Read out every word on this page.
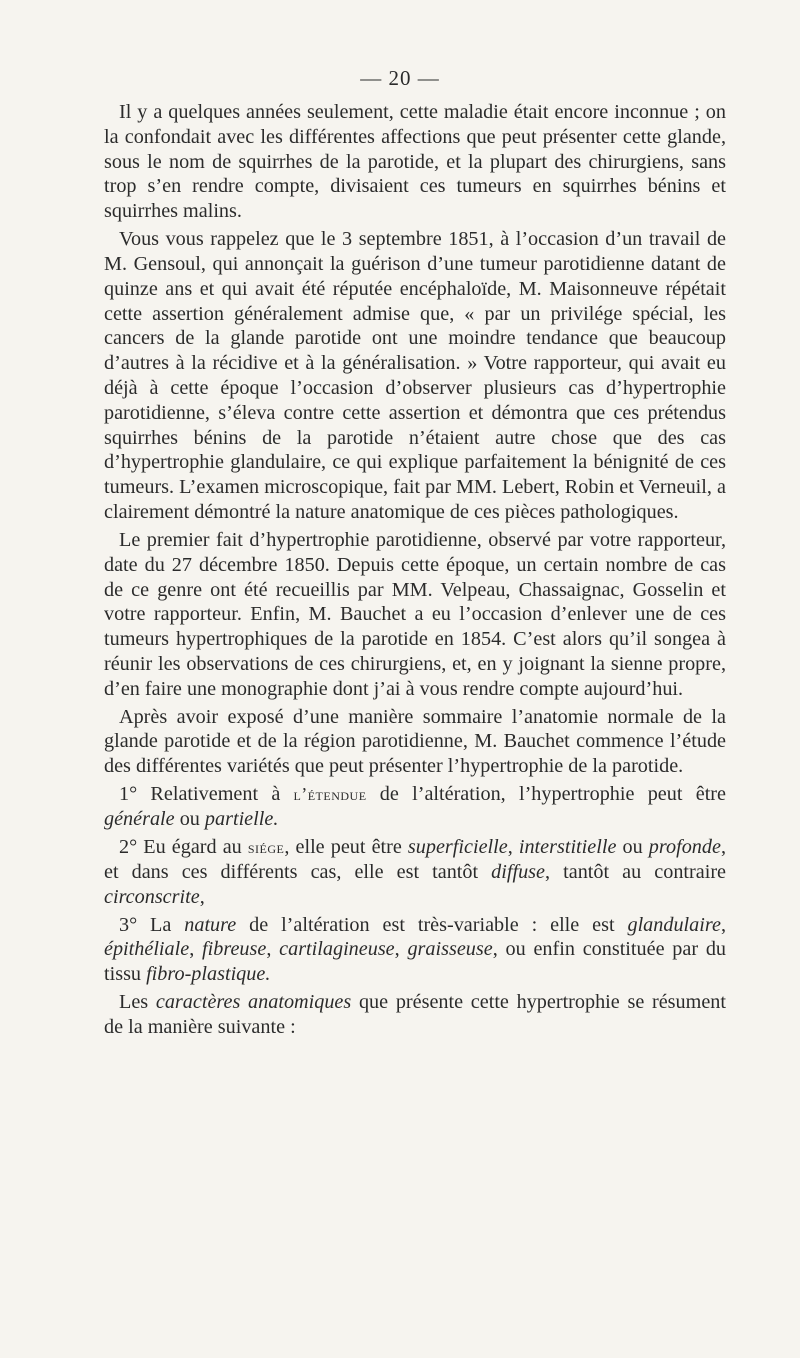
— 20 —

Il y a quelques années seulement, cette maladie était encore inconnue ; on la confondait avec les différentes affections que peut présenter cette glande, sous le nom de squirrhes de la parotide, et la plupart des chirurgiens, sans trop s’en rendre compte, divisaient ces tumeurs en squirrhes bénins et squirrhes malins.

Vous vous rappelez que le 3 septembre 1851, à l’occasion d’un travail de M. Gensoul, qui annonçait la guérison d’une tumeur parotidienne datant de quinze ans et qui avait été réputée encéphaloïde, M. Maisonneuve répétait cette assertion généralement admise que, « par un privilége spécial, les cancers de la glande parotide ont une moindre tendance que beaucoup d’autres à la récidive et à la généralisation. » Votre rapporteur, qui avait eu déjà à cette époque l’occasion d’observer plusieurs cas d’hypertrophie parotidienne, s’éleva contre cette assertion et démontra que ces prétendus squirrhes bénins de la parotide n’étaient autre chose que des cas d’hypertrophie glandulaire, ce qui explique parfaitement la bénignité de ces tumeurs. L’examen microscopique, fait par MM. Lebert, Robin et Verneuil, a clairement démontré la nature anatomique de ces pièces pathologiques.

Le premier fait d’hypertrophie parotidienne, observé par votre rapporteur, date du 27 décembre 1850. Depuis cette époque, un certain nombre de cas de ce genre ont été recueillis par MM. Velpeau, Chassaignac, Gosselin et votre rapporteur. Enfin, M. Bauchet a eu l’occasion d’enlever une de ces tumeurs hypertrophiques de la parotide en 1854. C’est alors qu’il songea à réunir les observations de ces chirurgiens, et, en y joignant la sienne propre, d’en faire une monographie dont j’ai à vous rendre compte aujourd’hui.

Après avoir exposé d’une manière sommaire l’anatomie normale de la glande parotide et de la région parotidienne, M. Bauchet commence l’étude des différentes variétés que peut présenter l’hypertrophie de la parotide.

1° Relativement à l’étendue de l’altération, l’hypertrophie peut être générale ou partielle.

2° Eu égard au siége, elle peut être superficielle, interstitielle ou profonde, et dans ces différents cas, elle est tantôt diffuse, tantôt au contraire circonscrite,

3° La nature de l’altération est très-variable : elle est glandulaire, épithéliale, fibreuse, cartilagineuse, graisseuse, ou enfin constituée par du tissu fibro-plastique.

Les caractères anatomiques que présente cette hypertrophie se résument de la manière suivante :
